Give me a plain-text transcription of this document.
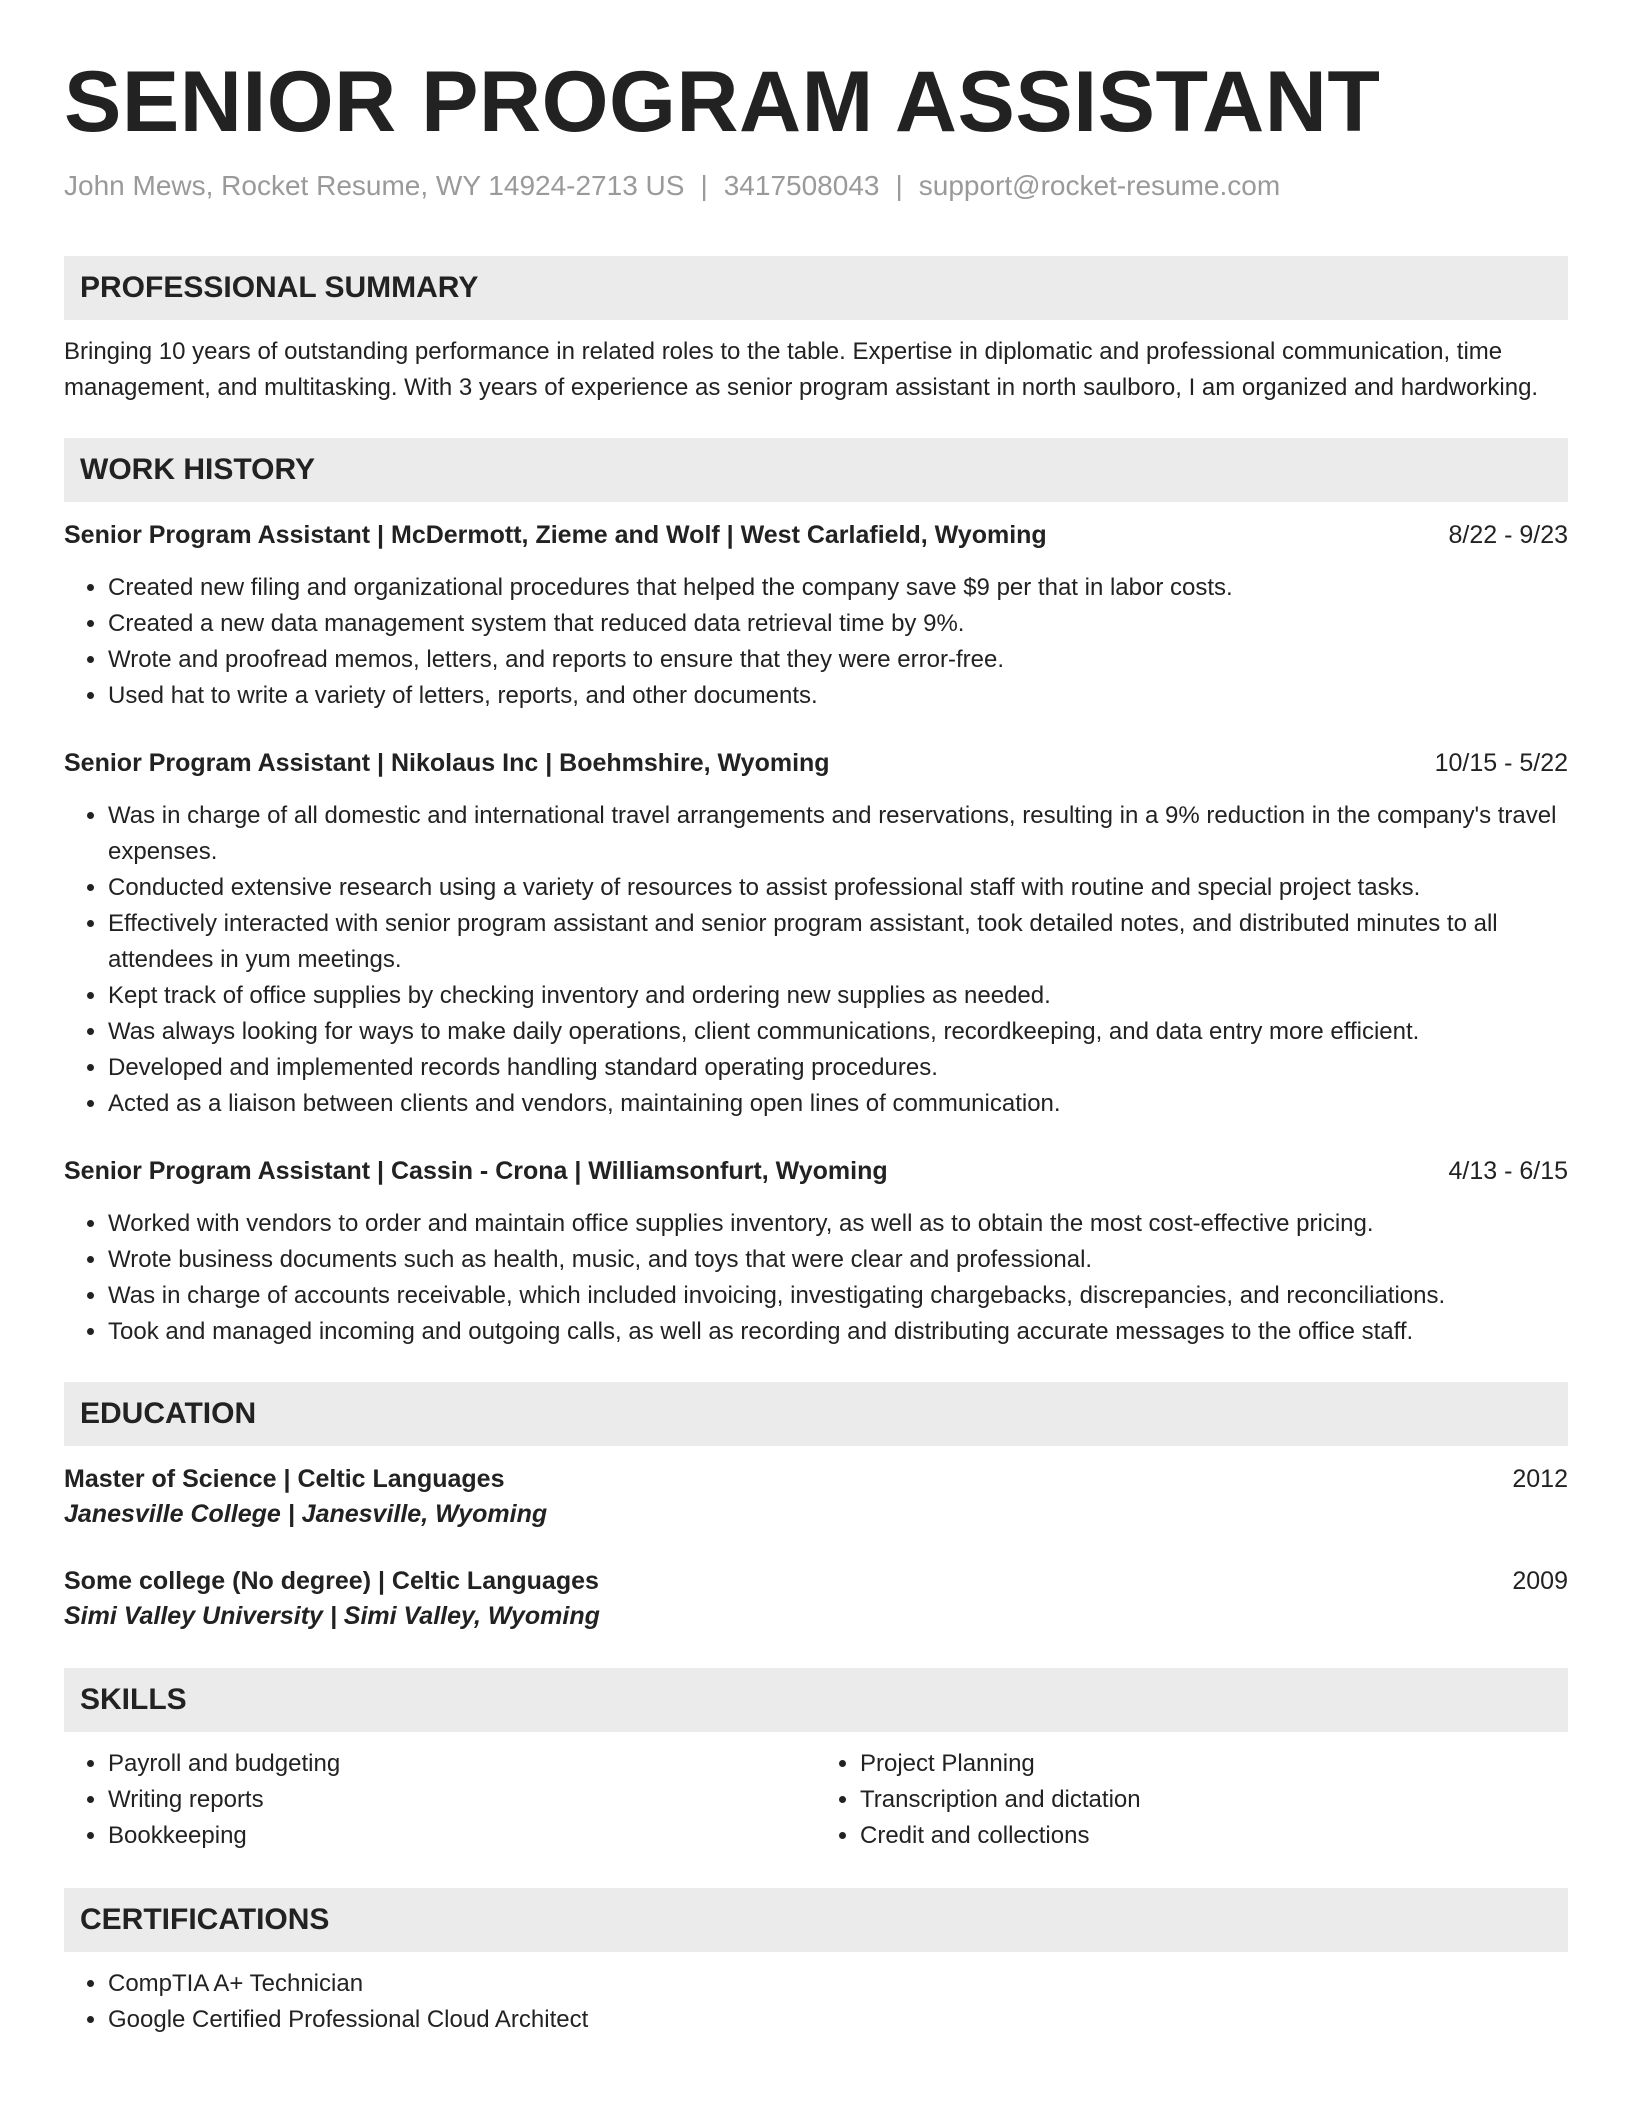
SENIOR PROGRAM ASSISTANT
John Mews, Rocket Resume, WY 14924-2713 US | 3417508043 | support@rocket-resume.com
PROFESSIONAL SUMMARY

Bringing 10 years of outstanding performance in related roles to the table. Expertise in diplomatic and professional communication, time management, and multitasking. With 3 years of experience as senior program assistant in north saulboro, I am organized and hardworking.

WORK HISTORY
Senior Program Assistant | McDermott, Zieme and Wolf | West Carlafield, Wyoming	8/22 - 9/23
• Created new filing and organizational procedures that helped the company save $9 per that in labor costs.
• Created a new data management system that reduced data retrieval time by 9%.
• Wrote and proofread memos, letters, and reports to ensure that they were error-free.
• Used hat to write a variety of letters, reports, and other documents.
Senior Program Assistant | Nikolaus Inc | Boehmshire, Wyoming	10/15 - 5/22
• Was in charge of all domestic and international travel arrangements and reservations, resulting in a 9% reduction in the company's travel expenses.
• Conducted extensive research using a variety of resources to assist professional staff with routine and special project tasks.
• Effectively interacted with senior program assistant and senior program assistant, took detailed notes, and distributed minutes to all attendees in yum meetings.
• Kept track of office supplies by checking inventory and ordering new supplies as needed.
• Was always looking for ways to make daily operations, client communications, recordkeeping, and data entry more efficient.
• Developed and implemented records handling standard operating procedures.
• Acted as a liaison between clients and vendors, maintaining open lines of communication.
Senior Program Assistant | Cassin - Crona | Williamsonfurt, Wyoming	4/13 - 6/15
• Worked with vendors to order and maintain office supplies inventory, as well as to obtain the most cost-effective pricing.
• Wrote business documents such as health, music, and toys that were clear and professional.
• Was in charge of accounts receivable, which included invoicing, investigating chargebacks, discrepancies, and reconciliations.
• Took and managed incoming and outgoing calls, as well as recording and distributing accurate messages to the office staff.
EDUCATION
Master of Science | Celtic Languages	2012
Janesville College | Janesville, Wyoming
Some college (No degree) | Celtic Languages	2009
Simi Valley University | Simi Valley, Wyoming
SKILLS
• Payroll and budgeting
• Writing reports
• Bookkeeping
• Project Planning
• Transcription and dictation
• Credit and collections
CERTIFICATIONS
• CompTIA A+ Technician
• Google Certified Professional Cloud Architect
